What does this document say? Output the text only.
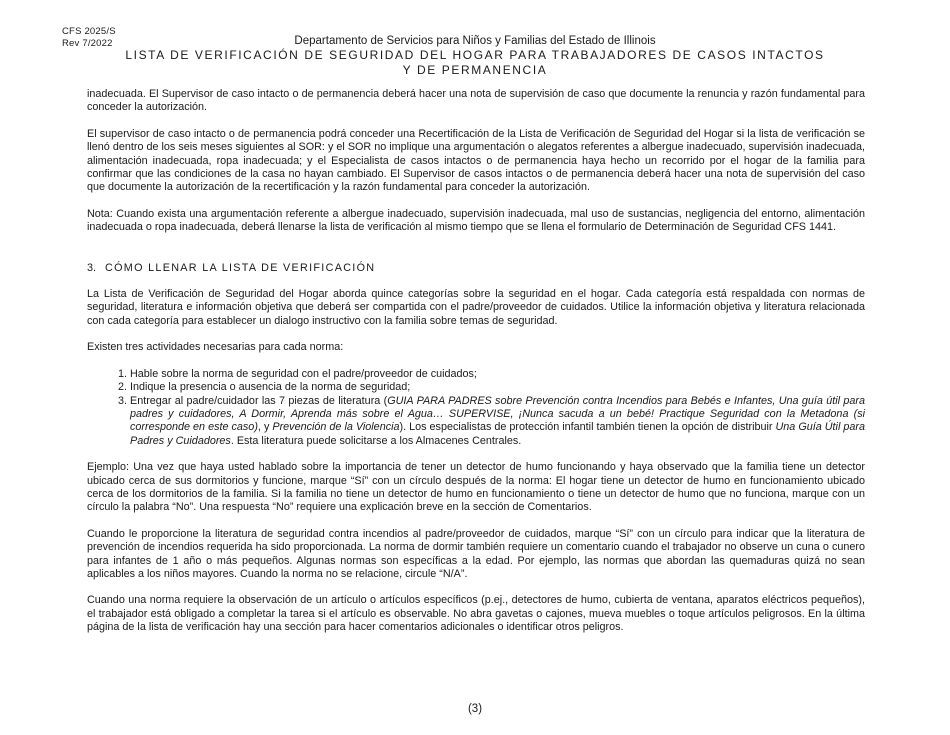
CFS 2025/S
Rev 7/2022	Departamento de Servicios para Niños y Familias del Estado de Illinois
LISTA DE VERIFICACIÓN DE SEGURIDAD DEL HOGAR PARA TRABAJADORES DE CASOS INTACTOS
Y DE PERMANENCIA

inadecuada. El Supervisor de caso intacto o de permanencia deberá hacer una nota de supervisión de caso que documente la renuncia y razón fundamental para conceder la autorización.

El supervisor de caso intacto o de permanencia podrá conceder una Recertificación de la Lista de Verificación de Seguridad del Hogar si la lista de verificación se llenó dentro de los seis meses siguientes al SOR: y el SOR no implique una argumentación o alegatos referentes a albergue inadecuado, supervisión inadecuada, alimentación inadecuada, ropa inadecuada; y el Especialista de casos intactos o de permanencia haya hecho un recorrido por el hogar de la familia para confirmar que las condiciones de la casa no hayan cambiado. El Supervisor de casos intactos o de permanencia deberá hacer una nota de supervisión del caso que documente la autorización de la recertificación y la razón fundamental para conceder la autorización.

Nota: Cuando exista una argumentación referente a albergue inadecuado, supervisión inadecuada, mal uso de sustancias, negligencia del entorno, alimentación inadecuada o ropa inadecuada, deberá llenarse la lista de verificación al mismo tiempo que se llena el formulario de Determinación de Seguridad CFS 1441.

3. CÓMO LLENAR LA LISTA DE VERIFICACIÓN

La Lista de Verificación de Seguridad del Hogar aborda quince categorías sobre la seguridad en el hogar. Cada categoría está respaldada con normas de seguridad, literatura e información objetiva que deberá ser compartida con el padre/proveedor de cuidados. Utilice la información objetiva y literatura relacionada con cada categoría para establecer un dialogo instructivo con la familia sobre temas de seguridad.

Existen tres actividades necesarias para cada norma:

1. Hable sobre la norma de seguridad con el padre/proveedor de cuidados;
2. Indique la presencia o ausencia de la norma de seguridad;
3. Entregar al padre/cuidador las 7 piezas de literatura (GUIA PARA PADRES sobre Prevención contra Incendios para Bebés e Infantes, Una guía útil para padres y cuidadores, A Dormir, Aprenda más sobre el Agua… SUPERVISE, ¡Nunca sacuda a un bebé! Practique Seguridad con la Metadona (si corresponde en este caso), y Prevención de la Violencia). Los especialistas de protección infantil también tienen la opción de distribuir Una Guía Útil para Padres y Cuidadores. Esta literatura puede solicitarse a los Almacenes Centrales.

Ejemplo: Una vez que haya usted hablado sobre la importancia de tener un detector de humo funcionando y haya observado que la familia tiene un detector ubicado cerca de sus dormitorios y funcione, marque “Sí” con un círculo después de la norma: El hogar tiene un detector de humo en funcionamiento ubicado cerca de los dormitorios de la familia. Si la familia no tiene un detector de humo en funcionamiento o tiene un detector de humo que no funciona, marque con un círculo la palabra “No”. Una respuesta “No” requiere una explicación breve en la sección de Comentarios.

Cuando le proporcione la literatura de seguridad contra incendios al padre/proveedor de cuidados, marque “Sí” con un círculo para indicar que la literatura de prevención de incendios requerida ha sido proporcionada. La norma de dormir también requiere un comentario cuando el trabajador no observe un cuna o cunero para infantes de 1 año o más pequeños. Algunas normas son específicas a la edad. Por ejemplo, las normas que abordan las quemaduras quizá no sean aplicables a los niños mayores. Cuando la norma no se relacione, circule “N/A”.

Cuando una norma requiere la observación de un artículo o artículos específicos (p.ej., detectores de humo, cubierta de ventana, aparatos eléctricos pequeños), el trabajador está obligado a completar la tarea si el artículo es observable. No abra gavetas o cajones, mueva muebles o toque artículos peligrosos. En la última página de la lista de verificación hay una sección para hacer comentarios adicionales o identificar otros peligros.

(3)
